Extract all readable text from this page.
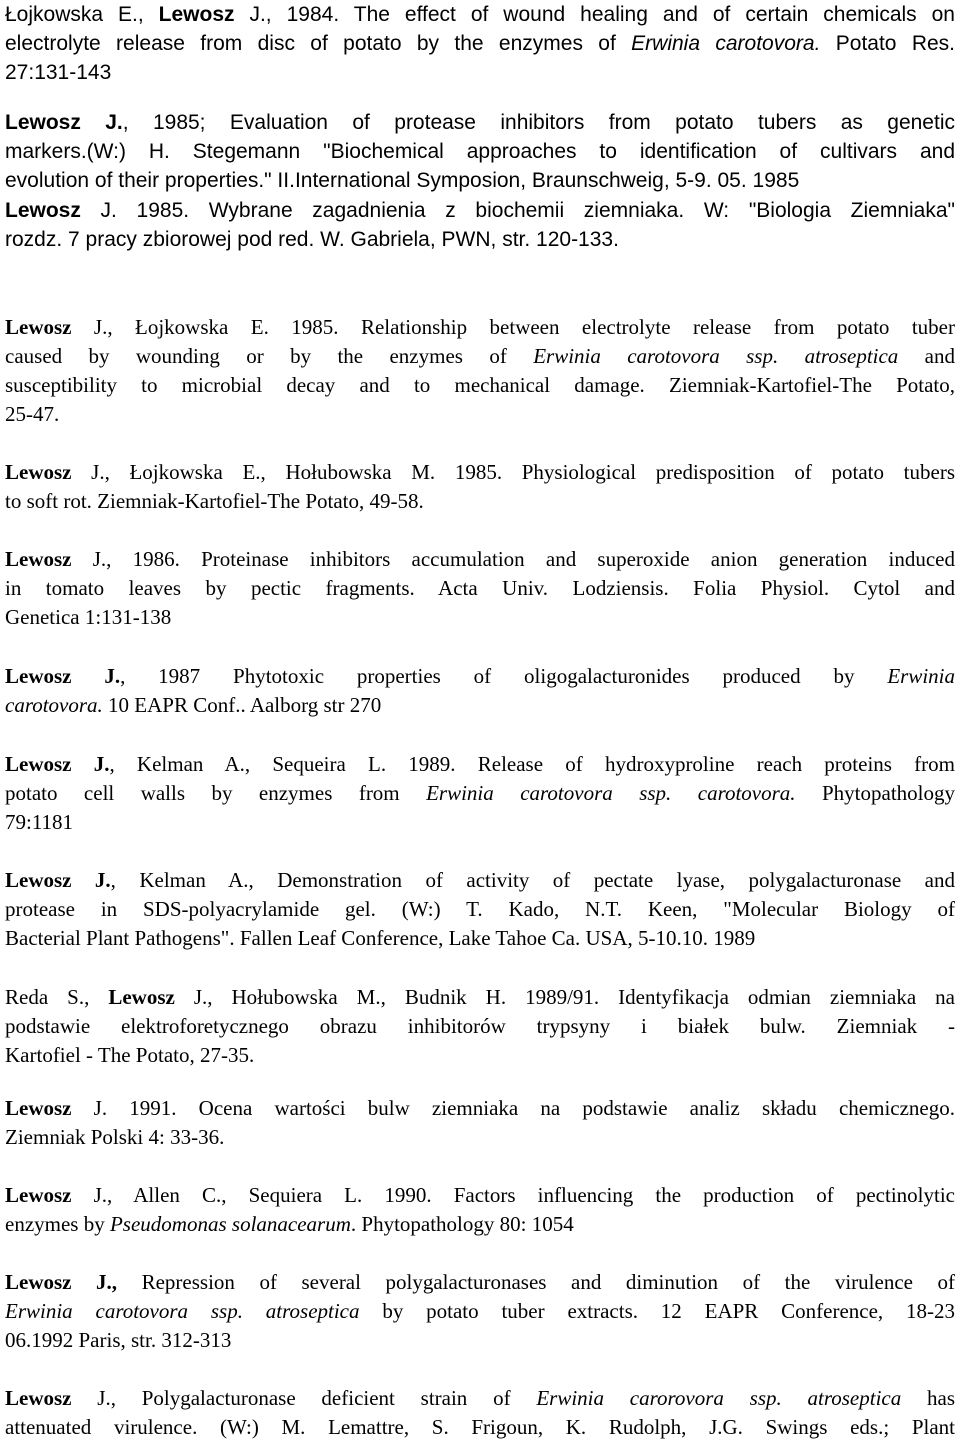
Łojkowska E., Lewosz J., 1984. The effect of wound healing and of certain chemicals on
electrolyte release from disc of potato by the enzymes of Erwinia carotovora. Potato Res.
27:131-143
Lewosz J., 1985; Evaluation of protease inhibitors from potato tubers as genetic
markers.(W:) H. Stegemann "Biochemical approaches to identification of cultivars and
evolution of their properties." II.International Symposion, Braunschweig, 5-9. 05. 1985
Lewosz J. 1985. Wybrane zagadnienia z biochemii ziemniaka. W: "Biologia Ziemniaka"
rozdz. 7 pracy zbiorowej pod red. W. Gabriela, PWN, str. 120-133.
Lewosz J., Łojkowska E. 1985. Relationship between electrolyte release from potato tuber
caused by wounding or by the enzymes of Erwinia carotovora ssp. atroseptica and
susceptibility to microbial decay and to mechanical damage. Ziemniak-Kartofiel-The Potato,
25-47.
Lewosz J., Łojkowska E., Hołubowska M. 1985. Physiological predisposition of potato tubers
to soft rot. Ziemniak-Kartofiel-The Potato, 49-58.
Lewosz J., 1986. Proteinase inhibitors accumulation and superoxide anion generation induced
in tomato leaves by pectic fragments. Acta Univ. Lodziensis. Folia Physiol. Cytol and
Genetica 1:131-138
Lewosz J., 1987 Phytotoxic properties of oligogalacturonides produced by Erwinia
carotovora. 10 EAPR Conf.. Aalborg str 270
Lewosz J., Kelman A., Sequeira L. 1989. Release of hydroxyproline reach proteins from
potato cell walls by enzymes from Erwinia carotovora ssp. carotovora. Phytopathology
79:1181
Lewosz J., Kelman A., Demonstration of activity of pectate lyase, polygalacturonase and
protease in SDS-polyacrylamide gel. (W:) T. Kado, N.T. Keen, "Molecular Biology of
Bacterial Plant Pathogens". Fallen Leaf Conference, Lake Tahoe Ca. USA, 5-10.10. 1989
Reda S., Lewosz J., Hołubowska M., Budnik H. 1989/91. Identyfikacja odmian ziemniaka na
podstawie elektroforetycznego obrazu inhibitorów trypsyny i białek bulw. Ziemniak -
Kartofiel - The Potato, 27-35.
Lewosz J. 1991. Ocena wartości bulw ziemniaka na podstawie analiz składu chemicznego.
Ziemniak Polski 4: 33-36.
Lewosz J., Allen C., Sequiera L. 1990. Factors influencing the production of pectinolytic
enzymes by Pseudomonas solanacearum. Phytopathology 80: 1054
Lewosz J., Repression of several polygalacturonases and diminution of the virulence of
Erwinia carotovora ssp. atroseptica by potato tuber extracts. 12 EAPR Conference, 18-23
06.1992 Paris, str. 312-313
Lewosz J., Polygalacturonase deficient strain of Erwinia carorovora ssp. atroseptica has
attenuated virulence. (W:) M. Lemattre, S. Frigoun, K. Rudolph, J.G. Swings eds.; Plant
